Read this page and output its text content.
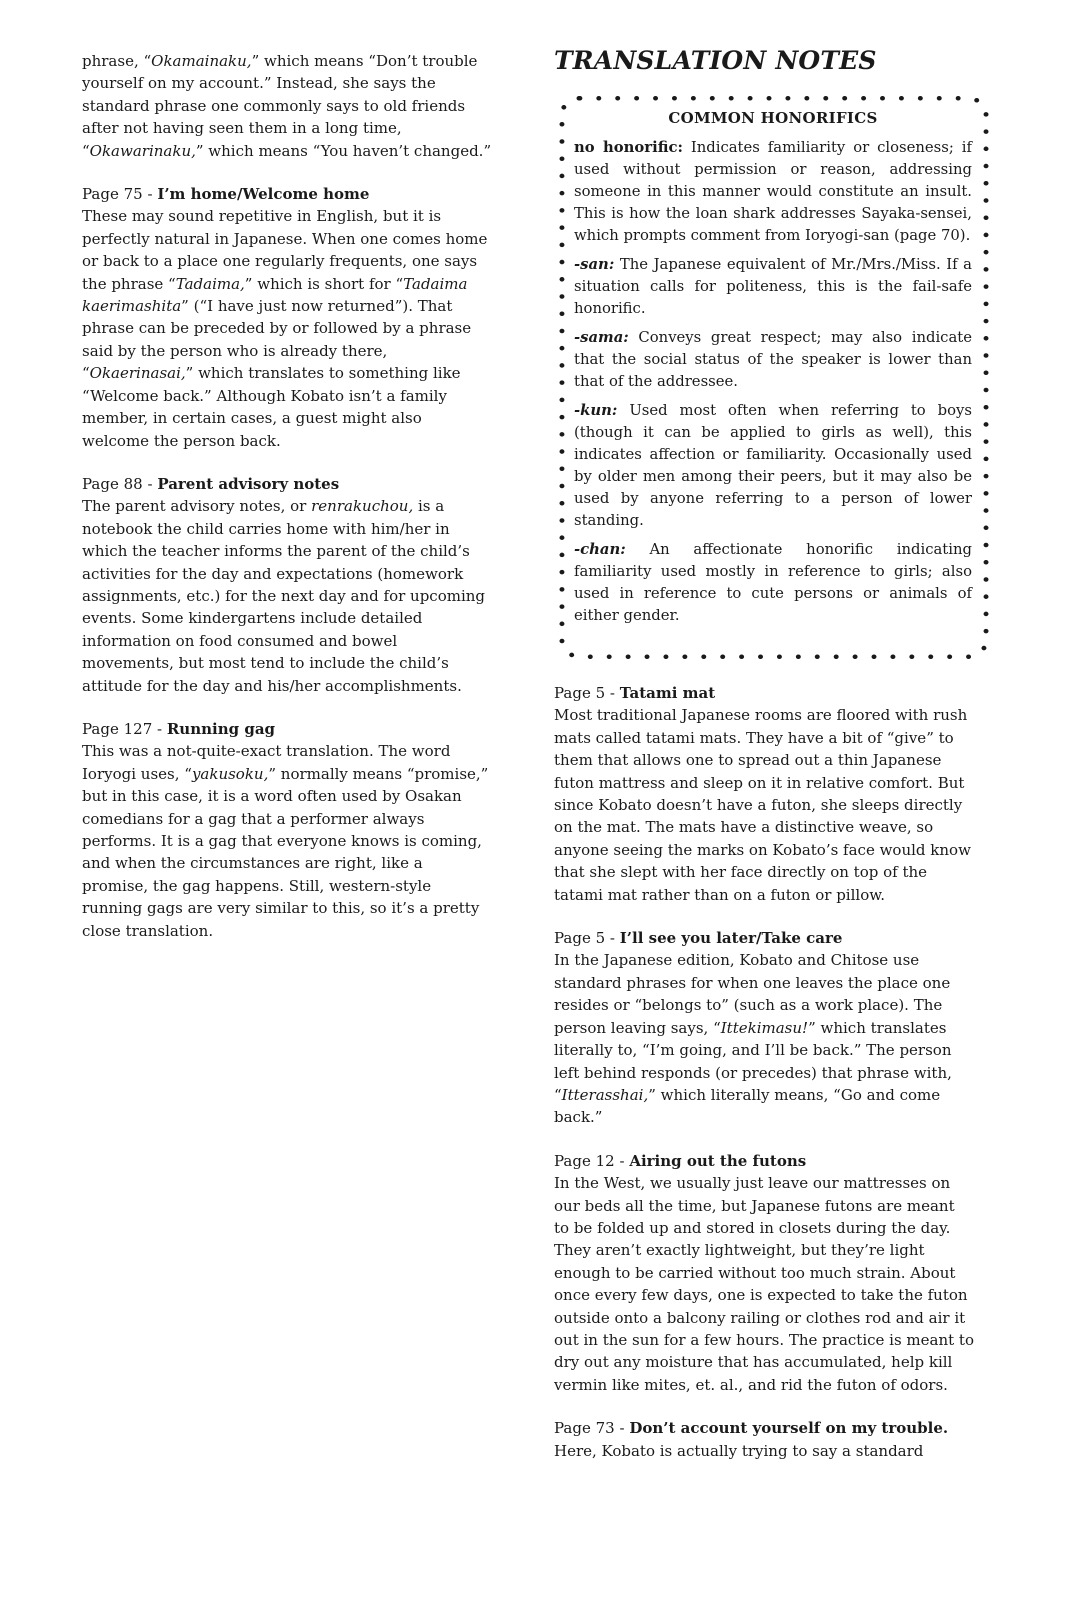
phrase, “Okamainaku,” which means “Don’t trouble yourself on my account.” Instead, she says the standard phrase one commonly says to old friends after not having seen them in a long time, “Okawarinaku,” which means “You haven’t changed.”

Page 75 - I’m home/Welcome home

These may sound repetitive in English, but it is perfectly natural in Japanese. When one comes home or back to a place one regularly frequents, one says the phrase “Tadaima,” which is short for “Tadaima kaerimashita” (“I have just now returned”). That phrase can be preceded by or followed by a phrase said by the person who is already there, “Okaerinasai,” which translates to something like “Welcome back.” Although Kobato isn’t a family member, in certain cases, a guest might also welcome the person back.

Page 88 - Parent advisory notes

The parent advisory notes, or renrakuchou, is a notebook the child carries home with him/her in which the teacher informs the parent of the child’s activities for the day and expectations (homework assignments, etc.) for the next day and for upcoming events. Some kindergartens include detailed information on food consumed and bowel movements, but most tend to include the child’s attitude for the day and his/her accomplishments.

Page 127 - Running gag

This was a not-quite-exact translation. The word Ioryogi uses, “yakusoku,” normally means “promise,” but in this case, it is a word often used by Osakan comedians for a gag that a performer always performs. It is a gag that everyone knows is coming, and when the circumstances are right, like a promise, the gag happens. Still, western-style running gags are very similar to this, so it’s a pretty close translation.

TRANSLATION NOTES
COMMON HONORIFICS

no honorific: Indicates familiarity or closeness; if used without permission or reason, addressing someone in this manner would constitute an insult. This is how the loan shark addresses Sayaka-sensei, which prompts comment from Ioryogi-san (page 70).

-san: The Japanese equivalent of Mr./Mrs./Miss. If a situation calls for politeness, this is the fail-safe honorific.

-sama: Conveys great respect; may also indicate that the social status of the speaker is lower than that of the addressee.

-kun: Used most often when referring to boys (though it can be applied to girls as well), this indicates affection or familiarity. Occasionally used by older men among their peers, but it may also be used by anyone referring to a person of lower standing.

-chan: An affectionate honorific indicating familiarity used mostly in reference to girls; also used in reference to cute persons or animals of either gender.

Page 5 - Tatami mat

Most traditional Japanese rooms are floored with rush mats called tatami mats. They have a bit of “give” to them that allows one to spread out a thin Japanese futon mattress and sleep on it in relative comfort. But since Kobato doesn’t have a futon, she sleeps directly on the mat. The mats have a distinctive weave, so anyone seeing the marks on Kobato’s face would know that she slept with her face directly on top of the tatami mat rather than on a futon or pillow.

Page 5 - I’ll see you later/Take care

In the Japanese edition, Kobato and Chitose use standard phrases for when one leaves the place one resides or “belongs to” (such as a work place). The person leaving says, “Ittekimasu!” which translates literally to, “I’m going, and I’ll be back.” The person left behind responds (or precedes) that phrase with, “Itterasshai,” which literally means, “Go and come back.”

Page 12 - Airing out the futons

In the West, we usually just leave our mattresses on our beds all the time, but Japanese futons are meant to be folded up and stored in closets during the day. They aren’t exactly lightweight, but they’re light enough to be carried without too much strain. About once every few days, one is expected to take the futon outside onto a balcony railing or clothes rod and air it out in the sun for a few hours. The practice is meant to dry out any moisture that has accumulated, help kill vermin like mites, et. al., and rid the futon of odors.

Page 73 - Don’t account yourself on my trouble.

Here, Kobato is actually trying to say a standard
